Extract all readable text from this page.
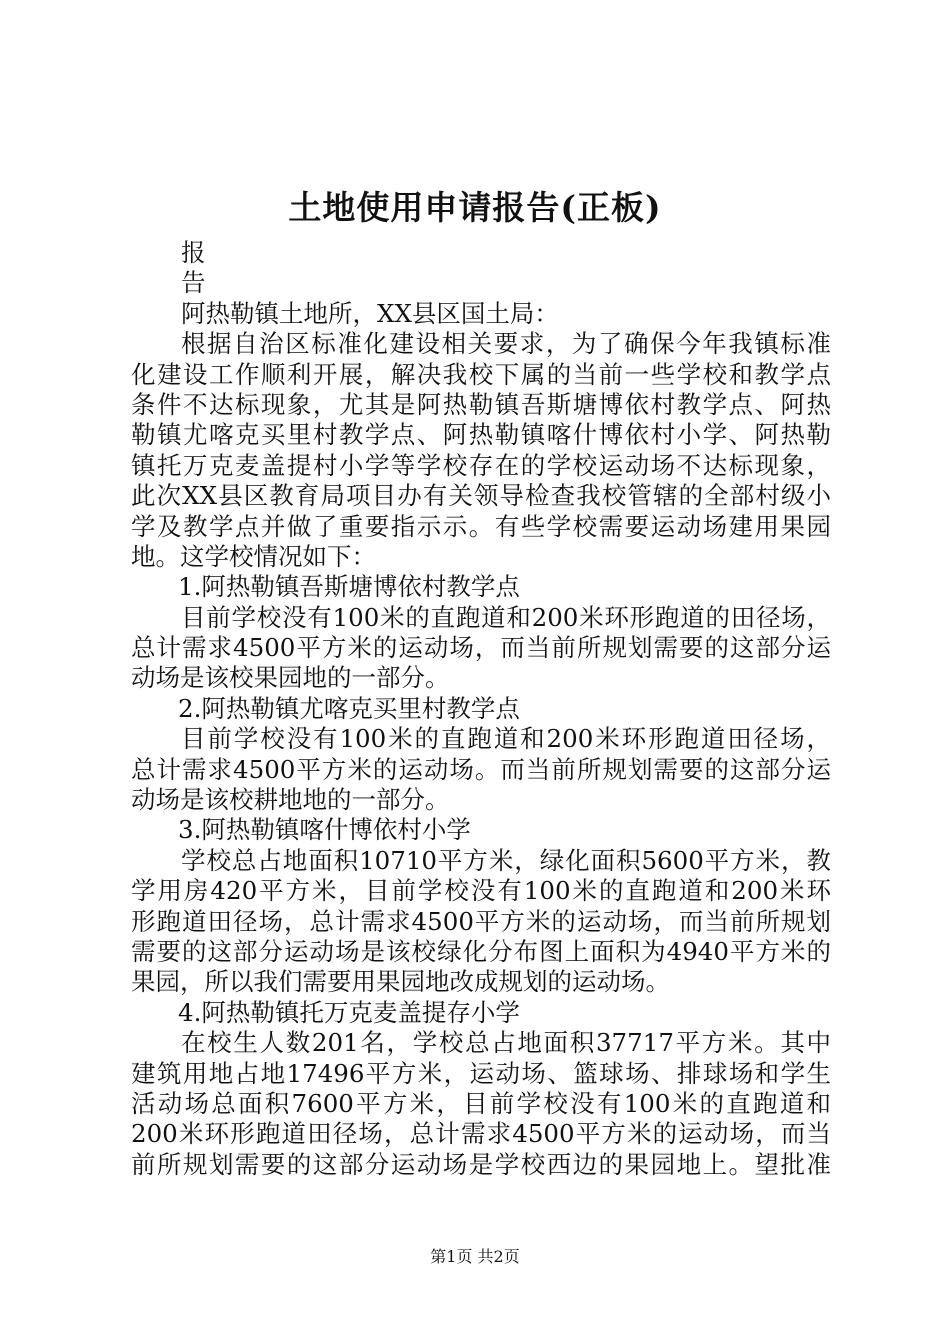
土地使用申请报告(正板)
报
告
阿热勒镇土地所，XX县区国土局：
根据自治区标准化建设相关要求，为了确保今年我镇标准
化建设工作顺利开展，解决我校下属的当前一些学校和教学点
条件不达标现象，尤其是阿热勒镇吾斯塘博依村教学点、阿热
勒镇尤喀克买里村教学点、阿热勒镇喀什博依村小学、阿热勒
镇托万克麦盖提村小学等学校存在的学校运动场不达标现象，
此次XX县区教育局项目办有关领导检查我校管辖的全部村级小
学及教学点并做了重要指示示。有些学校需要运动场建用果园
地。这学校情况如下：
1.阿热勒镇吾斯塘博依村教学点
目前学校没有100米的直跑道和200米环形跑道的田径场，
总计需求4500平方米的运动场，而当前所规划需要的这部分运
动场是该校果园地的一部分。
2.阿热勒镇尤喀克买里村教学点
目前学校没有100米的直跑道和200米环形跑道田径场，
总计需求4500平方米的运动场。而当前所规划需要的这部分运
动场是该校耕地地的一部分。
3.阿热勒镇喀什博依村小学
学校总占地面积10710平方米，绿化面积5600平方米，教
学用房420平方米，目前学校没有100米的直跑道和200米环
形跑道田径场，总计需求4500平方米的运动场，而当前所规划
需要的这部分运动场是该校绿化分布图上面积为4940平方米的
果园，所以我们需要用果园地改成规划的运动场。
4.阿热勒镇托万克麦盖提存小学
在校生人数201名，学校总占地面积37717平方米。其中
建筑用地占地17496平方米，运动场、篮球场、排球场和学生
活动场总面积7600平方米，目前学校没有100米的直跑道和
200米环形跑道田径场，总计需求4500平方米的运动场，而当
前所规划需要的这部分运动场是学校西边的果园地上。望批准
第1页 共2页
